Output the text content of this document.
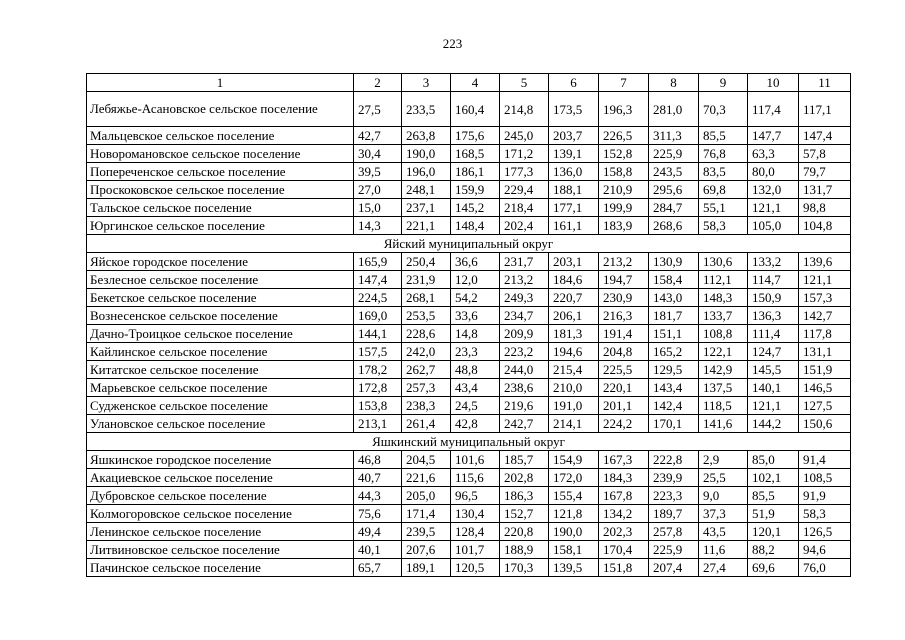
223
1	2	3	4	5	6	7	8	9	10	11
Лебяжье-Асановское сельское поселение	27,5	233,5	160,4	214,8	173,5	196,3	281,0	70,3	117,4	117,1
Мальцевское сельское поселение	42,7	263,8	175,6	245,0	203,7	226,5	311,3	85,5	147,7	147,4
Новоромановское сельское поселение	30,4	190,0	168,5	171,2	139,1	152,8	225,9	76,8	63,3	57,8
Попереченское сельское поселение	39,5	196,0	186,1	177,3	136,0	158,8	243,5	83,5	80,0	79,7
Проскоковское сельское поселение	27,0	248,1	159,9	229,4	188,1	210,9	295,6	69,8	132,0	131,7
Тальское сельское поселение	15,0	237,1	145,2	218,4	177,1	199,9	284,7	55,1	121,1	98,8
Юргинское сельское поселение	14,3	221,1	148,4	202,4	161,1	183,9	268,6	58,3	105,0	104,8
Яйский муниципальный округ										
Яйское городское поселение	165,9	250,4	36,6	231,7	203,1	213,2	130,9	130,6	133,2	139,6
Безлесное сельское поселение	147,4	231,9	12,0	213,2	184,6	194,7	158,4	112,1	114,7	121,1
Бекетское сельское поселение	224,5	268,1	54,2	249,3	220,7	230,9	143,0	148,3	150,9	157,3
Вознесенское сельское поселение	169,0	253,5	33,6	234,7	206,1	216,3	181,7	133,7	136,3	142,7
Дачно-Троицкое сельское поселение	144,1	228,6	14,8	209,9	181,3	191,4	151,1	108,8	111,4	117,8
Кайлинское сельское поселение	157,5	242,0	23,3	223,2	194,6	204,8	165,2	122,1	124,7	131,1
Китатское сельское поселение	178,2	262,7	48,8	244,0	215,4	225,5	129,5	142,9	145,5	151,9
Марьевское сельское поселение	172,8	257,3	43,4	238,6	210,0	220,1	143,4	137,5	140,1	146,5
Судженское сельское поселение	153,8	238,3	24,5	219,6	191,0	201,1	142,4	118,5	121,1	127,5
Улановское сельское поселение	213,1	261,4	42,8	242,7	214,1	224,2	170,1	141,6	144,2	150,6
Яшкинский муниципальный округ										
Яшкинское городское поселение	46,8	204,5	101,6	185,7	154,9	167,3	222,8	2,9	85,0	91,4
Акациевское сельское поселение	40,7	221,6	115,6	202,8	172,0	184,3	239,9	25,5	102,1	108,5
Дубровское сельское поселение	44,3	205,0	96,5	186,3	155,4	167,8	223,3	9,0	85,5	91,9
Колмогоровское сельское поселение	75,6	171,4	130,4	152,7	121,8	134,2	189,7	37,3	51,9	58,3
Ленинское сельское поселение	49,4	239,5	128,4	220,8	190,0	202,3	257,8	43,5	120,1	126,5
Литвиновское сельское поселение	40,1	207,6	101,7	188,9	158,1	170,4	225,9	11,6	88,2	94,6
Пачинское сельское поселение	65,7	189,1	120,5	170,3	139,5	151,8	207,4	27,4	69,6	76,0
